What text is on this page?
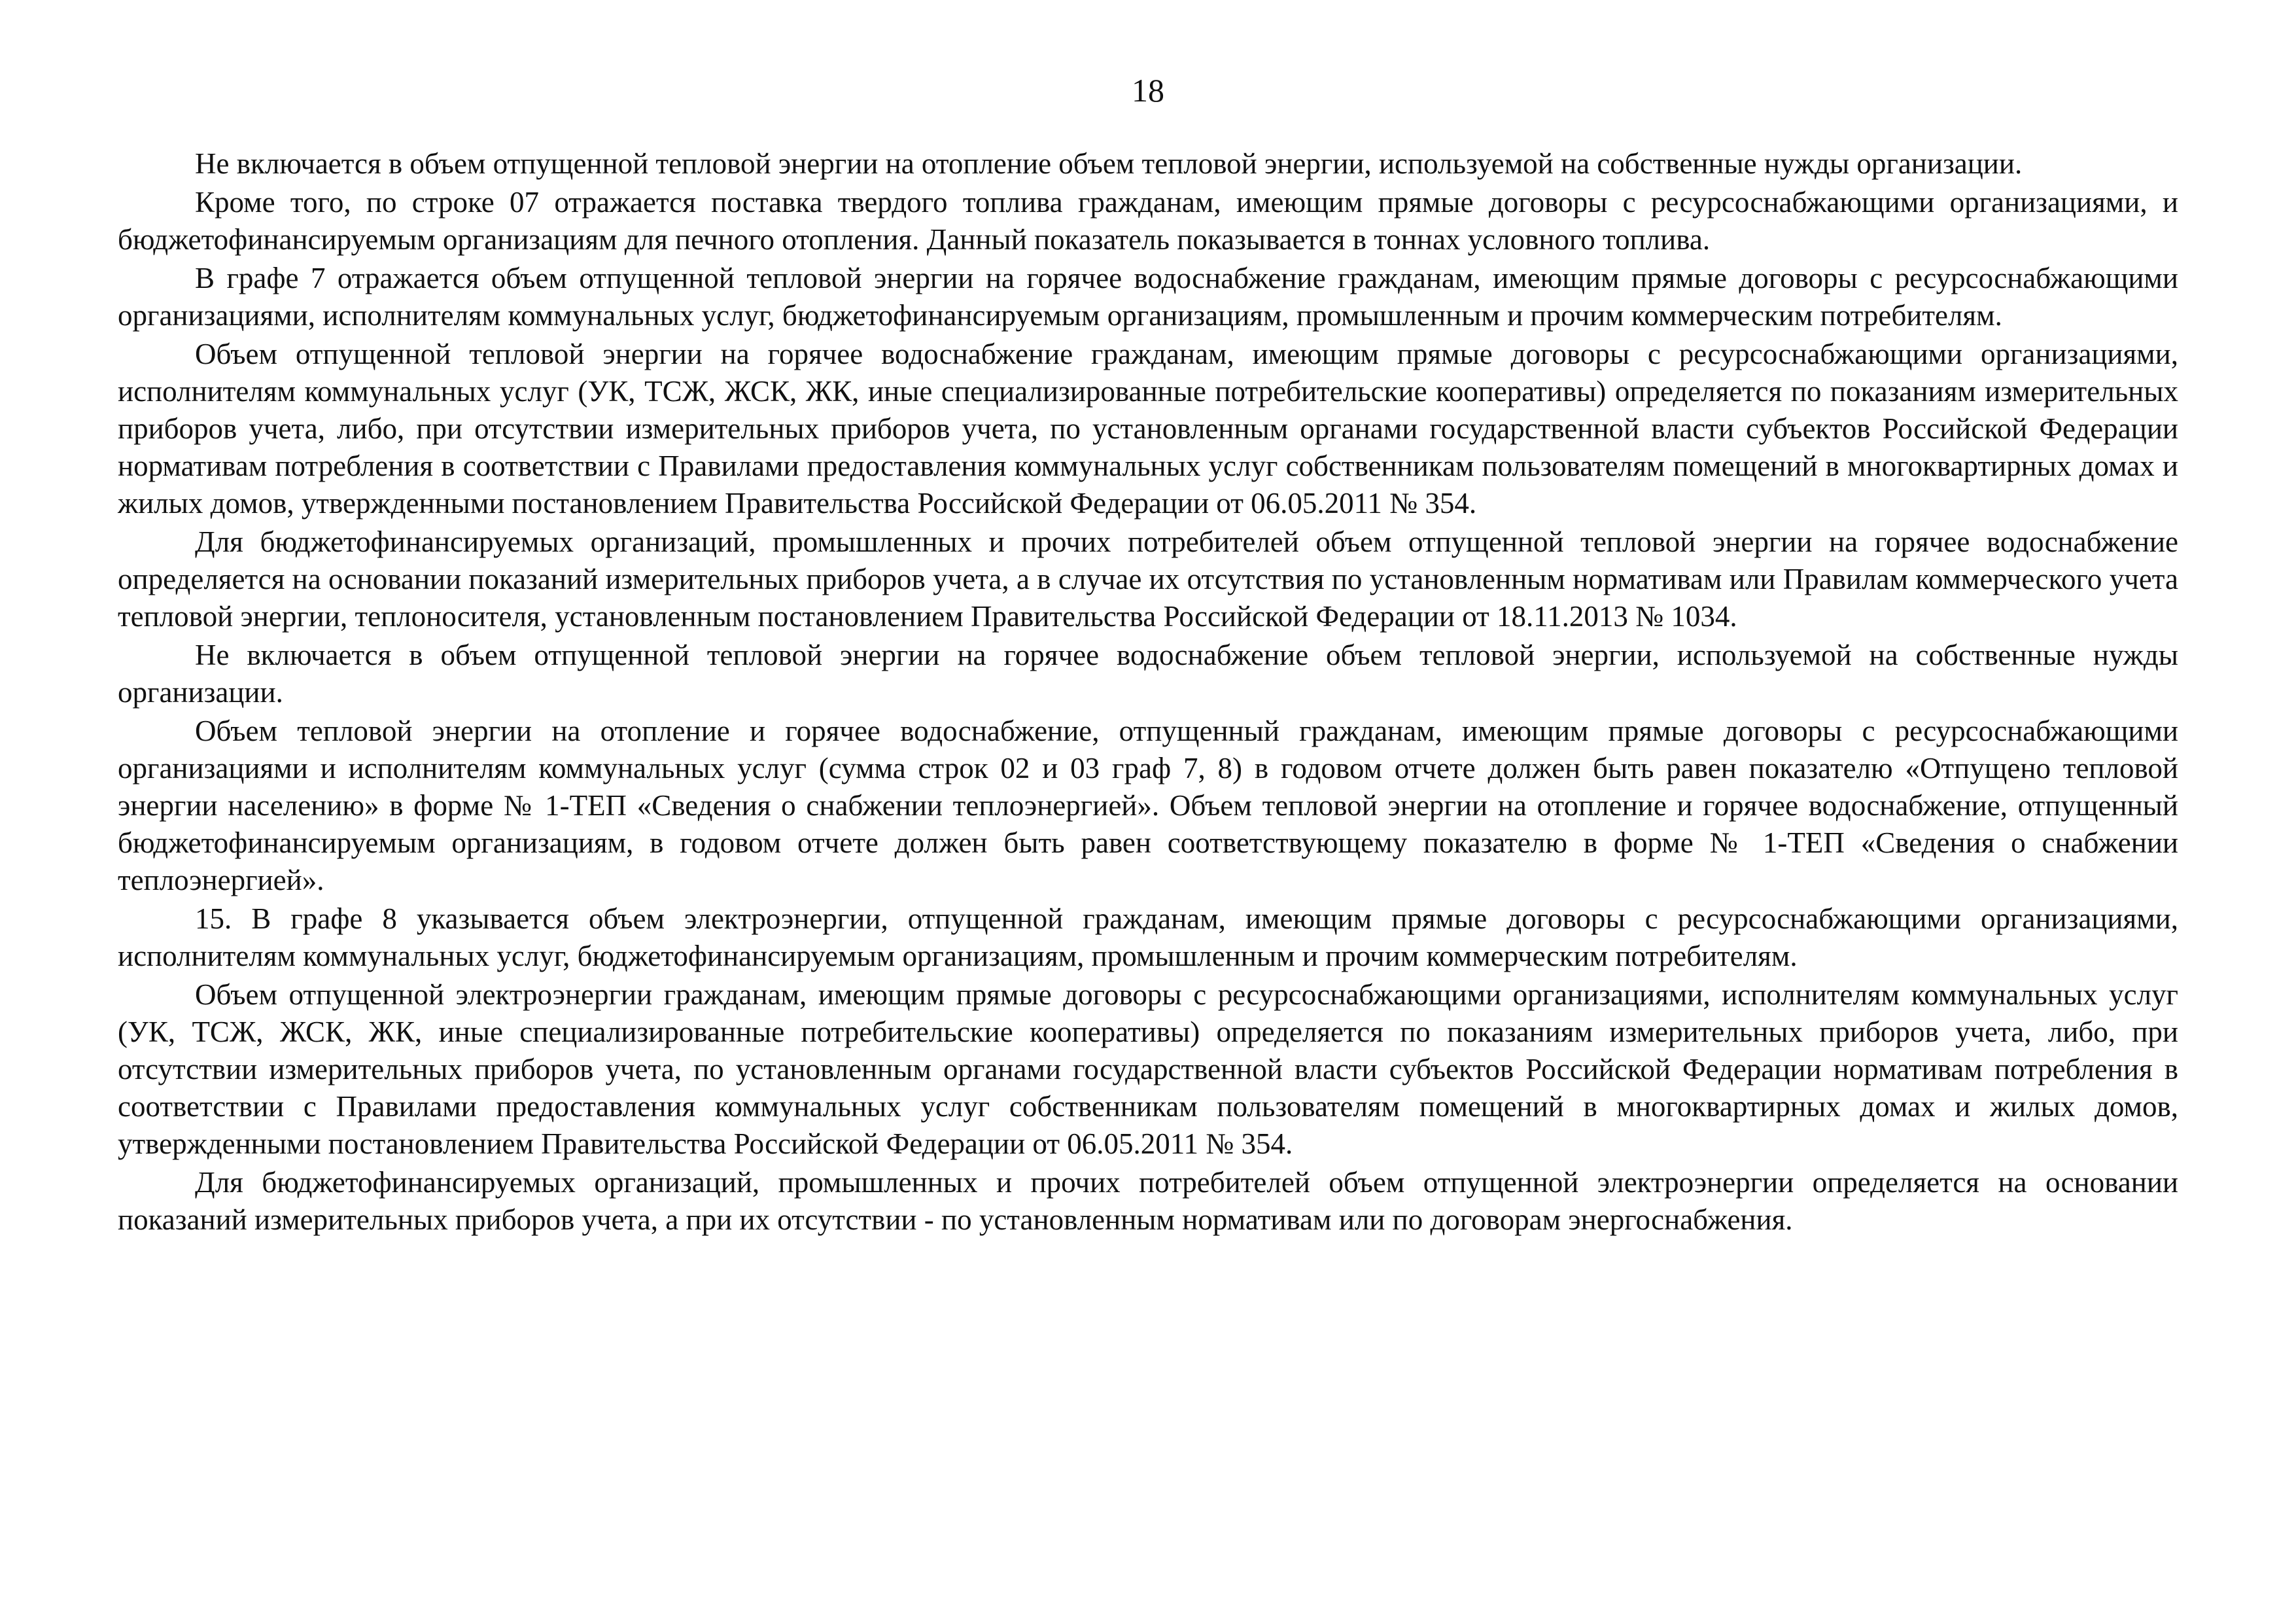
18

Не включается в объем отпущенной тепловой энергии на отопление объем тепловой энергии, используемой на собственные нужды организации.

Кроме того, по строке 07 отражается поставка твердого топлива гражданам, имеющим прямые договоры с ресурсоснабжающими организациями, и бюджетофинансируемым организациям для печного отопления. Данный показатель показывается в тоннах условного топлива.

В графе 7 отражается объем отпущенной тепловой энергии на горячее водоснабжение гражданам, имеющим прямые договоры с ресурсоснабжающими организациями, исполнителям коммунальных услуг, бюджетофинансируемым организациям, промышленным и прочим коммерческим потребителям.

Объем отпущенной тепловой энергии на горячее водоснабжение гражданам, имеющим прямые договоры с ресурсоснабжающими организациями, исполнителям коммунальных услуг (УК, ТСЖ, ЖСК, ЖК, иные специализированные потребительские кооперативы) определяется по показаниям измерительных приборов учета, либо, при отсутствии измерительных приборов учета, по установленным органами государственной власти субъектов Российской Федерации нормативам потребления в соответствии с Правилами предоставления коммунальных услуг собственникам пользователям помещений в многоквартирных домах и жилых домов, утвержденными постановлением Правительства Российской Федерации от 06.05.2011 № 354.

Для бюджетофинансируемых организаций, промышленных и прочих потребителей объем отпущенной тепловой энергии на горячее водоснабжение определяется на основании показаний измерительных приборов учета, а в случае их отсутствия по установленным нормативам или Правилам коммерческого учета тепловой энергии, теплоносителя, установленным постановлением Правительства Российской Федерации от 18.11.2013 № 1034.

Не включается в объем отпущенной тепловой энергии на горячее водоснабжение объем тепловой энергии, используемой на собственные нужды организации.

Объем тепловой энергии на отопление и горячее водоснабжение, отпущенный гражданам, имеющим прямые договоры с ресурсоснабжающими организациями и исполнителям коммунальных услуг (сумма строк 02 и 03 граф 7, 8) в годовом отчете должен быть равен показателю «Отпущено тепловой энергии населению» в форме № 1-ТЕП «Сведения о снабжении теплоэнергией». Объем тепловой энергии на отопление и горячее водоснабжение, отпущенный бюджетофинансируемым организациям, в годовом отчете должен быть равен соответствующему показателю в форме № 1-ТЕП «Сведения о снабжении теплоэнергией».

15. В графе 8 указывается объем электроэнергии, отпущенной гражданам, имеющим прямые договоры с ресурсоснабжающими организациями, исполнителям коммунальных услуг, бюджетофинансируемым организациям, промышленным и прочим коммерческим потребителям.

Объем отпущенной электроэнергии гражданам, имеющим прямые договоры с ресурсоснабжающими организациями, исполнителям коммунальных услуг (УК, ТСЖ, ЖСК, ЖК, иные специализированные потребительские кооперативы) определяется по показаниям измерительных приборов учета, либо, при отсутствии измерительных приборов учета, по установленным органами государственной власти субъектов Российской Федерации нормативам потребления в соответствии с Правилами предоставления коммунальных услуг собственникам пользователям помещений в многоквартирных домах и жилых домов, утвержденными постановлением Правительства Российской Федерации от 06.05.2011 № 354.

Для бюджетофинансируемых организаций, промышленных и прочих потребителей объем отпущенной электроэнергии определяется на основании показаний измерительных приборов учета, а при их отсутствии - по установленным нормативам или по договорам энергоснабжения.
